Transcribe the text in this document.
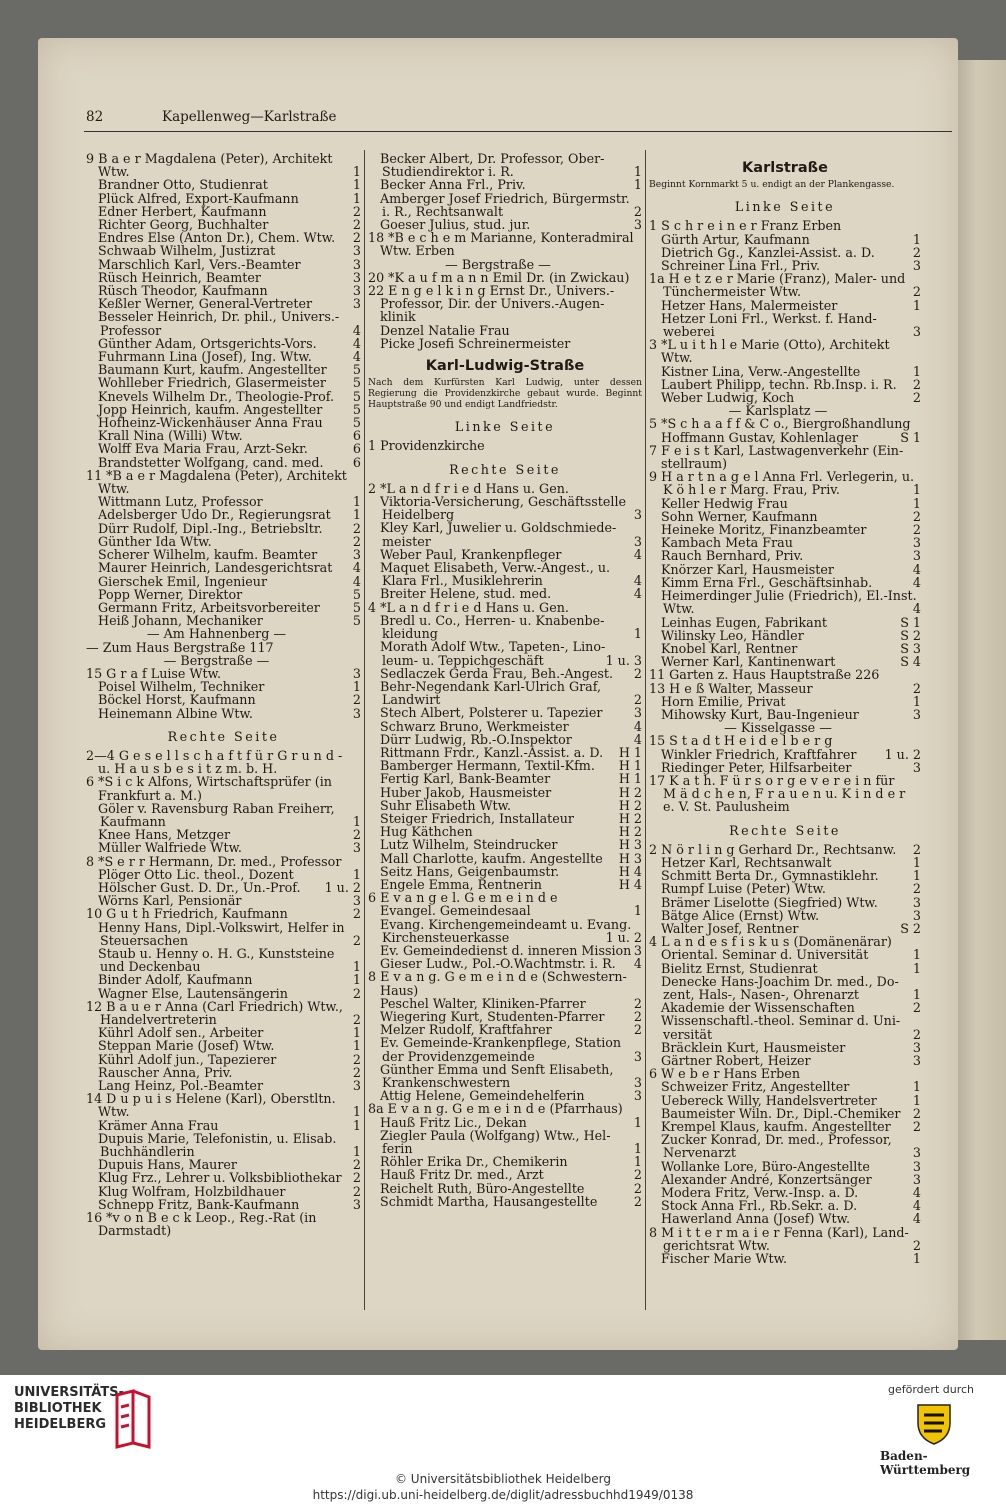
82	Kapellenweg—Karlstraße
9 B a e r Magdalena (Peter), Architekt
Wtw.	1
Brandner Otto, Studienrat	1
Plück Alfred, Export-Kaufmann	1
Edner Herbert, Kaufmann	2
Richter Georg, Buchhalter	2
Endres Else (Anton Dr.), Chem. Wtw. 2
Schwaab Wilhelm, Justizrat	3
Marschlich Karl, Vers.-Beamter	3
Rüsch Heinrich, Beamter	3
Rüsch Theodor, Kaufmann	3
Keßler Werner, General-Vertreter	3
Besseler Heinrich, Dr. phil., Univers.-
Professor	4
Günther Adam, Ortsgerichts-Vors.	4
Fuhrmann Lina (Josef), Ing. Wtw.	4
Baumann Kurt, kaufm. Angestellter 5
Wohlleber Friedrich, Glasermeister 5
Knevels Wilhelm Dr., Theologie-Prof. 5
Jopp Heinrich, kaufm. Angestellter 5
Hofheinz-Wickenhäuser Anna Frau 5
Krall Nina (Willi) Wtw.	6
Wolff Eva Maria Frau, Arzt-Sekr.	6
Brandstetter Wolfgang, cand. med. 6
11 *B a e r Magdalena (Peter), Architekt
Wtw.
Wittmann Lutz, Professor	1
Adelsberger Udo Dr., Regierungsrat 1
Dürr Rudolf, Dipl.-Ing., Betriebsltr. 2
Günther Ida Wtw.	2
Scherer Wilhelm, kaufm. Beamter	3
Maurer Heinrich, Landesgerichtsrat 4
Gierschek Emil, Ingenieur	4
Popp Werner, Direktor	5
Germann Fritz, Arbeitsvorbereiter	5
Heiß Johann, Mechaniker	5
— Am Hahnenberg —
— Zum Haus Bergstraße 117
— Bergstraße —
15 G r a f Luise Wtw.	3
Poisel Wilhelm, Techniker	1
Böckel Horst, Kaufmann	2
Heinemann Albine Wtw.	3
Rechte Seite
2—4 G e s e l l s c h a f t f ü r G r u n d -
u. H a u s b e s i t z m. b. H.
6 *S i c k Alfons, Wirtschaftsprüfer (in
Frankfurt a. M.)
Göler v. Ravensburg Raban Freiherr,
Kaufmann	1
Knee Hans, Metzger	2
Müller Walfriede Wtw.	3
8 *S e r r Hermann, Dr. med., Professor
Plöger Otto Lic. theol., Dozent	1
Hölscher Gust. D. Dr., Un.-Prof. 1 u. 2
Wörns Karl, Pensionär	3
10 G u t h Friedrich, Kaufmann	2
Henny Hans, Dipl.-Volkswirt, Helfer in
Steuersachen	2
Staub u. Henny o. H. G., Kunststeine
und Deckenbau	1
Binder Adolf, Kaufmann	1
Wagner Else, Lautensängerin	2
12 B a u e r Anna (Carl Friedrich) Wtw.,
Handelvertreterin	2
Kührl Adolf sen., Arbeiter	1
Steppan Marie (Josef) Wtw.	1
Kührl Adolf jun., Tapezierer	2
Rauscher Anna, Priv.	2
Lang Heinz, Pol.-Beamter	3
14 D u p u i s Helene (Karl), Oberstltn.
Wtw.	1
Krämer Anna Frau	1
Dupuis Marie, Telefonistin, u. Elisab.
Buchhändlerin	1
Dupuis Hans, Maurer	2
Klug Frz., Lehrer u. Volksbibliothekar 2
Klug Wolfram, Holzbildhauer	2
Schnepp Fritz, Bank-Kaufmann	3
16 *v o n B e c k Leop., Reg.-Rat (in
Darmstadt)
Becker Albert, Dr. Professor, Ober-
Studiendirektor i. R.	1
Becker Anna Frl., Priv.	1
Amberger Josef Friedrich, Bürgermstr.
i. R., Rechtsanwalt	2
Goeser Julius, stud. jur.	3
18 *B e c h e m Marianne, Konteradmiral
Wtw. Erben
— Bergstraße —
20 *K a u f m a n n Emil Dr. (in Zwickau)
22 E n g e l k i n g Ernst Dr., Univers.-
Professor, Dir. der Univers.-Augen-
klinik
Denzel Natalie Frau
Picke Josefi Schreinermeister
Karl-Ludwig-Straße
Nach dem Kurfürsten Karl Ludwig, unter dessen Regierung die Providenzkirche gebaut wurde. Beginnt Hauptstraße 90 und endigt Landfriedstr.
Linke Seite
1 Providenzkirche
Rechte Seite
2 *L a n d f r i e d Hans u. Gen.
Viktoria-Versicherung, Geschäftsstelle
Heidelberg	3
Kley Karl, Juwelier u. Goldschmiede-
meister	3
Weber Paul, Krankenpfleger	4
Maquet Elisabeth, Verw.-Angest., u.
Klara Frl., Musiklehrerin	4
Breiter Helene, stud. med.	4
4 *L a n d f r i e d Hans u. Gen.
Bredl u. Co., Herren- u. Knabenbe-
kleidung	1
Morath Adolf Wtw., Tapeten-, Lino-
leum- u. Teppichgeschäft	1 u. 3
Sedlaczek Gerda Frau, Beh.-Angest. 2
Behr-Negendank Karl-Ulrich Graf,
Landwirt	2
Stech Albert, Polsterer u. Tapezier 3
Schwarz Bruno, Werkmeister	4
Dürr Ludwig, Rb.-O.Inspektor	4
Rittmann Frdr., Kanzl.-Assist. a. D. H 1
Bamberger Hermann, Textil-Kfm. H 1
Fertig Karl, Bank-Beamter	H 1
Huber Jakob, Hausmeister	H 2
Suhr Elisabeth Wtw.	H 2
Steiger Friedrich, Installateur	H 2
Hug Käthchen	H 2
Lutz Wilhelm, Steindrucker	H 3
Mall Charlotte, kaufm. Angestellte H 3
Seitz Hans, Geigenbaumstr.	H 4
Engele Emma, Rentnerin	H 4
6 E v a n g e l. G e m e i n d e
Evangel. Gemeindesaal	1
Evang. Kirchengemeindeamt u. Evang.
Kirchensteuerkasse	1 u. 2
Ev. Gemeindedienst d. inneren Mission 3
Gieser Ludw., Pol.-O.Wachtmstr. i. R. 4
8 E v a n g. G e m e i n d e (Schwestern-
Haus)
Peschel Walter, Kliniken-Pfarrer	2
Wiegering Kurt, Studenten-Pfarrer 2
Melzer Rudolf, Kraftfahrer	2
Ev. Gemeinde-Krankenpflege, Station
der Providenzgemeinde	3
Günther Emma und Senft Elisabeth,
Krankenschwestern	3
Attig Helene, Gemeindehelferin	3
8a E v a n g. G e m e i n d e (Pfarrhaus)
Hauß Fritz Lic., Dekan	1
Ziegler Paula (Wolfgang) Wtw., Hel-
ferin	1
Röhler Erika Dr., Chemikerin	1
Hauß Fritz Dr. med., Arzt	2
Reichelt Ruth, Büro-Angestellte	2
Schmidt Martha, Hausangestellte	2
Karlstraße
Beginnt Kornmarkt 5 u. endigt an der Plankengasse.
Linke Seite
1 S c h r e i n e r Franz Erben
Gürth Artur, Kaufmann	1
Dietrich Gg., Kanzlei-Assist. a. D.	2
Schreiner Lina Frl., Priv.	3
1a H e t z e r Marie (Franz), Maler- und
Tünchermeister Wtw.	2
Hetzer Hans, Malermeister	1
Hetzer Loni Frl., Werkst. f. Hand-
weberei	3
3 *L u i t h l e Marie (Otto), Architekt
Wtw.
Kistner Lina, Verw.-Angestellte	1
Laubert Philipp, techn. Rb.Insp. i. R. 2
Weber Ludwig, Koch	2
— Karlsplatz —
5 *S c h a a f f & C o., Biergroßhandlung
Hoffmann Gustav, Kohlenlager	S 1
7 F e i s t Karl, Lastwagenverkehr (Ein-
stellraum)
9 H a r t n a g e l Anna Frl. Verlegerin, u.
K ö h l e r Marg. Frau, Priv.	1
Keller Hedwig Frau	1
Sohn Werner, Kaufmann	2
Heineke Moritz, Finanzbeamter	2
Kambach Meta Frau	3
Rauch Bernhard, Priv.	3
Knörzer Karl, Hausmeister	4
Kimm Erna Frl., Geschäftsinhab.	4
Heimerdinger Julie (Friedrich), El.-Inst.
Wtw.	4
Leinhas Eugen, Fabrikant	S 1
Wilinsky Leo, Händler	S 2
Knobel Karl, Rentner	S 3
Werner Karl, Kantinenwart	S 4
11 Garten z. Haus Hauptstraße 226
13 H e ß Walter, Masseur	2
Horn Emilie, Privat	1
Mihowsky Kurt, Bau-Ingenieur	3
— Kisselgasse —
15 S t a d t H e i d e l b e r g
Winkler Friedrich, Kraftfahrer 1 u. 2
Riedinger Peter, Hilfsarbeiter	3
17 K a t h. F ü r s o r g e v e r e i n für
M ä d c h e n, F r a u e n u. K i n d e r
e. V. St. Paulusheim
Rechte Seite
2 N ö r l i n g Gerhard Dr., Rechtsanw. 2
Hetzer Karl, Rechtsanwalt	1
Schmitt Berta Dr., Gymnastiklehr.	1
Rumpf Luise (Peter) Wtw.	2
Brämer Liselotte (Siegfried) Wtw.	3
Bätge Alice (Ernst) Wtw.	3
Walter Josef, Rentner	S 2
4 L a n d e s f i s k u s (Domänenärar)
Oriental. Seminar d. Universität	1
Bielitz Ernst, Studienrat	1
Denecke Hans-Joachim Dr. med., Do-
zent, Hals-, Nasen-, Ohrenarzt	1
Akademie der Wissenschaften	2
Wissenschaftl.-theol. Seminar d. Uni-
versität	2
Bräcklein Kurt, Hausmeister	3
Gärtner Robert, Heizer	3
6 W e b e r Hans Erben
Schweizer Fritz, Angestellter	1
Uebereck Willy, Handelsvertreter	1
Baumeister Wiln. Dr., Dipl.-Chemiker 2
Krempel Klaus, kaufm. Angestellter 2
Zucker Konrad, Dr. med., Professor,
Nervenarzt	3
Wollanke Lore, Büro-Angestellte	3
Alexander André, Konzertsänger	3
Modera Fritz, Verw.-Insp. a. D.	4
Stock Anna Frl., Rb.Sekr. a. D.	4
Hawerland Anna (Josef) Wtw.	4
8 M i t t e r m a i e r Fenna (Karl), Land-
gerichtsrat Wtw.	2
Fischer Marie Wtw.	1
UNIVERSITÄTS-
BIBLIOTHEK
HEIDELBERG
© Universitätsbibliothek Heidelberg
https://digi.ub.uni-heidelberg.de/diglit/adressbuchhd1949/0138
gefördert durch
Baden-Württemberg
